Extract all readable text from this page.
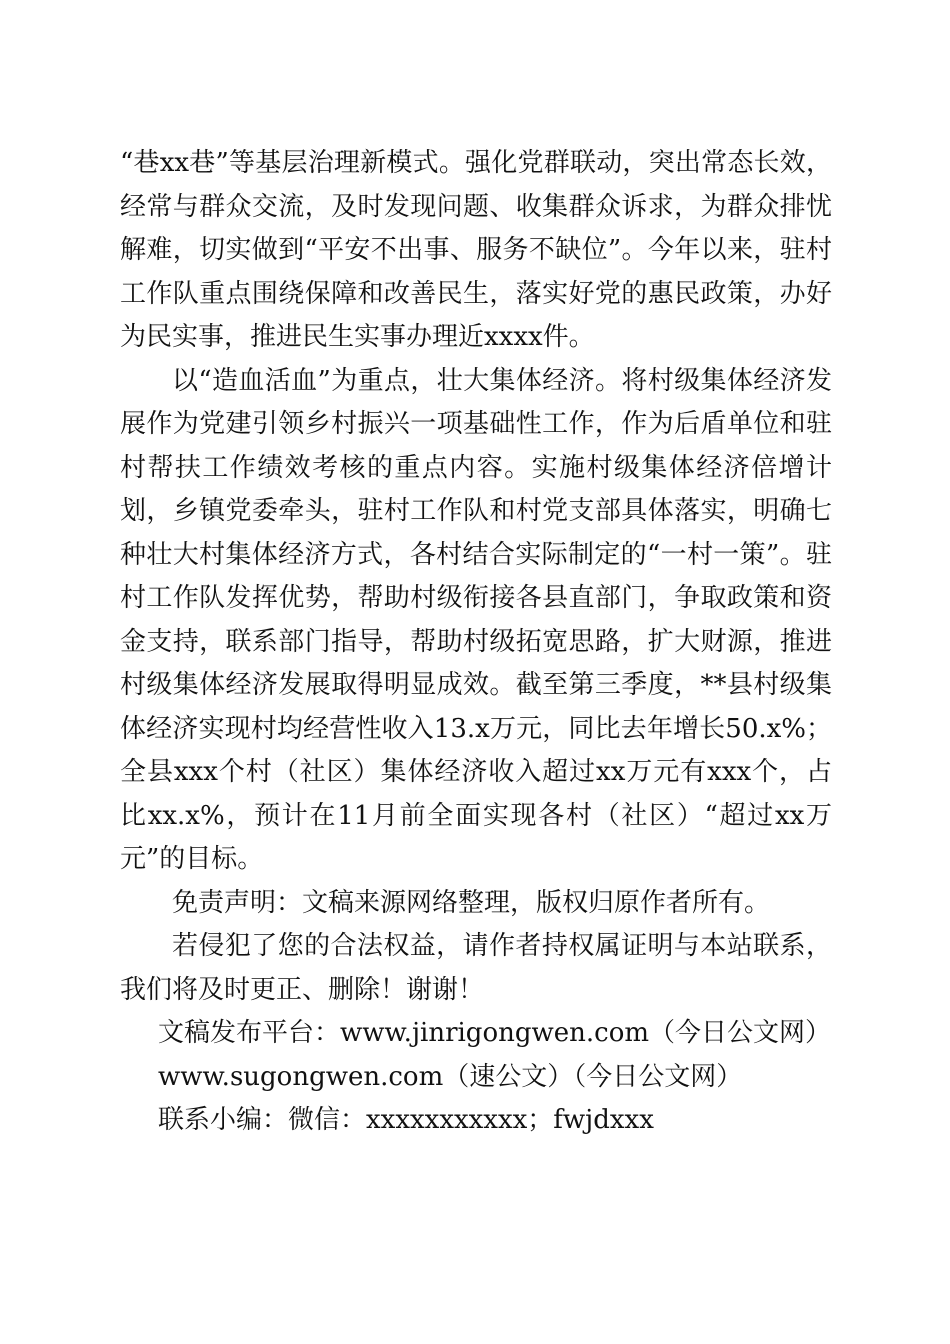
“巷xx巷”等基层治理新模式。强化党群联动，突出常态长效，经常与群众交流，及时发现问题、收集群众诉求，为群众排忧解难，切实做到“平安不出事、服务不缺位”。今年以来，驻村工作队重点围绕保障和改善民生，落实好党的惠民政策，办好为民实事，推进民生实事办理近xxxx件。

以“造血活血”为重点，壮大集体经济。将村级集体经济发展作为党建引领乡村振兴一项基础性工作，作为后盾单位和驻村帮扶工作绩效考核的重点内容。实施村级集体经济倍增计划，乡镇党委牵头，驻村工作队和村党支部具体落实，明确七种壮大村集体经济方式，各村结合实际制定的“一村一策”。驻村工作队发挥优势，帮助村级衔接各县直部门，争取政策和资金支持，联系部门指导，帮助村级拓宽思路，扩大财源，推进村级集体经济发展取得明显成效。截至第三季度，**县村级集体经济实现村均经营性收入13.x万元，同比去年增长50.x%；全县xxx个村（社区）集体经济收入超过xx万元有xxx个，占比xx.x%，预计在11月前全面实现各村（社区）“超过xx万元”的目标。

免责声明：文稿来源网络整理，版权归原作者所有。

若侵犯了您的合法权益，请作者持权属证明与本站联系，我们将及时更正、删除！谢谢！

文稿发布平台：www.jinrigongwen.com（今日公文网）
www.sugongwen.com（速公文）（今日公文网）
联系小编：微信：xxxxxxxxxxx；fwjdxxx
